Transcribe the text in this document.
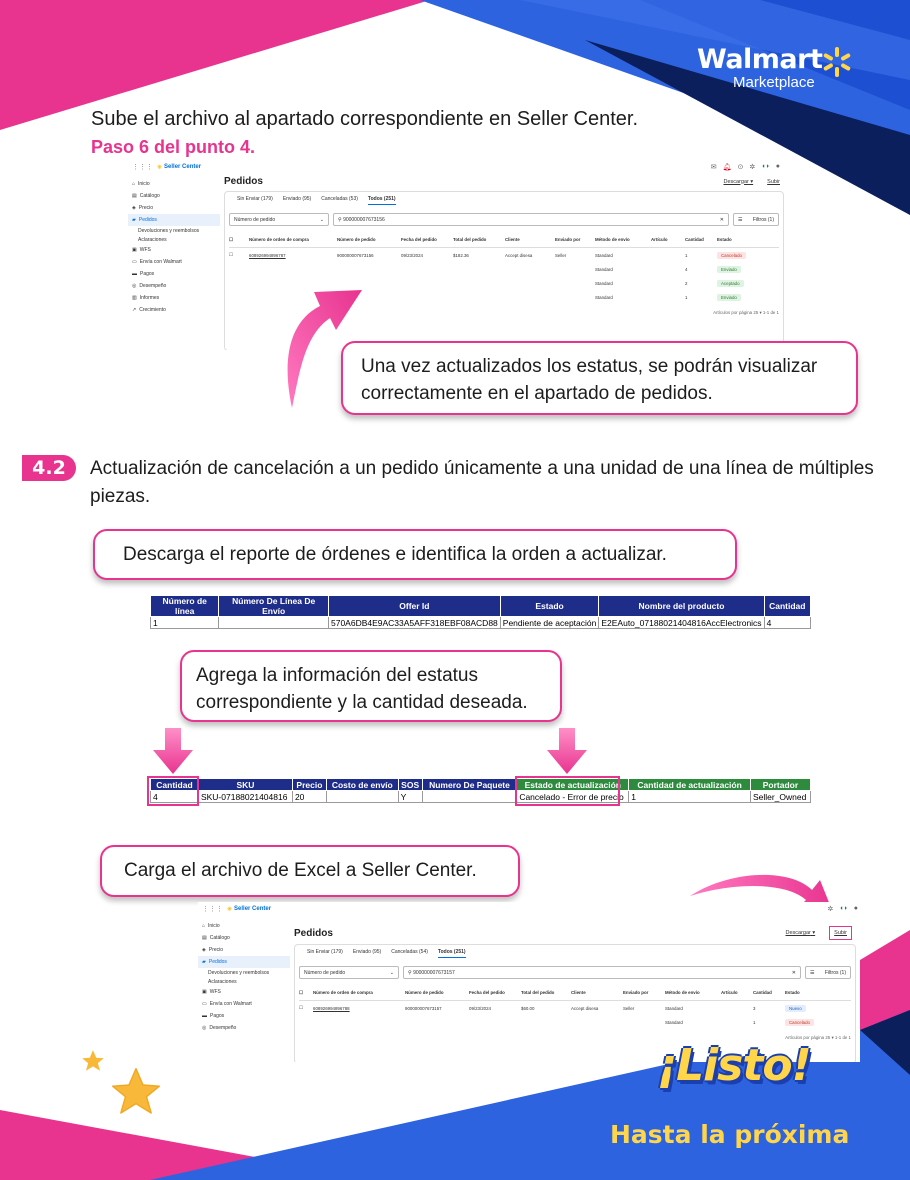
Walmart
Marketplace
Sube el archivo al apartado correspondiente en Seller Center.
Paso 6 del punto 4.
⋮⋮⋮ ✳ Seller Center	✉ 🔔︎ ⊙ ✲ ◖◗ ●
⌂ Inicio
▤ Catálogo
◈ Precio
▰ Pedidos
Devoluciones y reembolsos
Aclaraciones
▣ WFS
▭ Envía con Walmart
▬ Pagos
◎ Desempeño
▥ Informes
↗ Crecimiento
Pedidos	Descargar ▾	Subir
Sin Enviar (179) Enviado (95) Canceladas (53) Todos (251)
Número de pedido	⌄	⚲ 900000007673156	✕	☰ Filtros (1)
☐	Número de orden de compra	Número de pedido	Fecha del pedido	Total del pedido	Cliente	Enviado por	Método de envío	Artículo	Cantidad	Estado
☐	608926994896787	900000007673156	09/23/2024	$182.36	Accept disesa	Seller	Standard	1	Cancelado
Standard	4	Enviado
Standard	2	Aceptado
Standard	1	Enviado
Artículos por página 25 ▾ 1-1 de 1
Una vez actualizados los estatus, se podrán visualizar correctamente en el apartado de pedidos.
4.2	Actualización de cancelación a un pedido únicamente a una unidad de una línea de múltiples piezas.
Descarga el reporte de órdenes e identifica la orden a actualizar.
Número de línea	Número De Línea De Envío	Offer Id	Estado	Nombre del producto	Cantidad
1		570A6DB4E9AC33A5AFF318EBF08ACD88	Pendiente de aceptación	E2EAuto_07188021404816AccElectronics	4
Agrega la información del estatus
correspondiente y la cantidad deseada.
Cantidad	SKU	Precio	Costo de envío	SOS	Numero De Paquete	Estado de actualización	Cantidad de actualización	Portador
4	SKU-07188021404816	20		Y		Cancelado - Error de precio	1	Seller_Owned
Carga el archivo de Excel a Seller Center.
⋮⋮⋮ ✳ Seller Center	✲ ◖◗ ●
⌂ Inicio
▤ Catálogo
◈ Precio
▰ Pedidos
Devoluciones y reembolsos
Aclaraciones
▣ WFS
▭ Envía con Walmart
▬ Pagos
◎ Desempeño
Pedidos	Descargar ▾	Subir
Sin Enviar (179) Enviado (95) Canceladas (54) Todos (251)
Número de pedido	⌄	⚲ 900000007673157	✕	☰ Filtros (1)
☐	Número de orden de compra	Número de pedido	Fecha del pedido	Total del pedido	Cliente	Enviado por	Método de envío	Artículo	Cantidad	Estado
☐	608926994896788	900000007673157	09/23/2024	$60.00	Accept disesa	Seller	Standard	3	Nuevo
Standard	1	Cancelado
Artículos por página 25 ▾ 1-1 de 1
¡Listo!
Hasta la próxima
